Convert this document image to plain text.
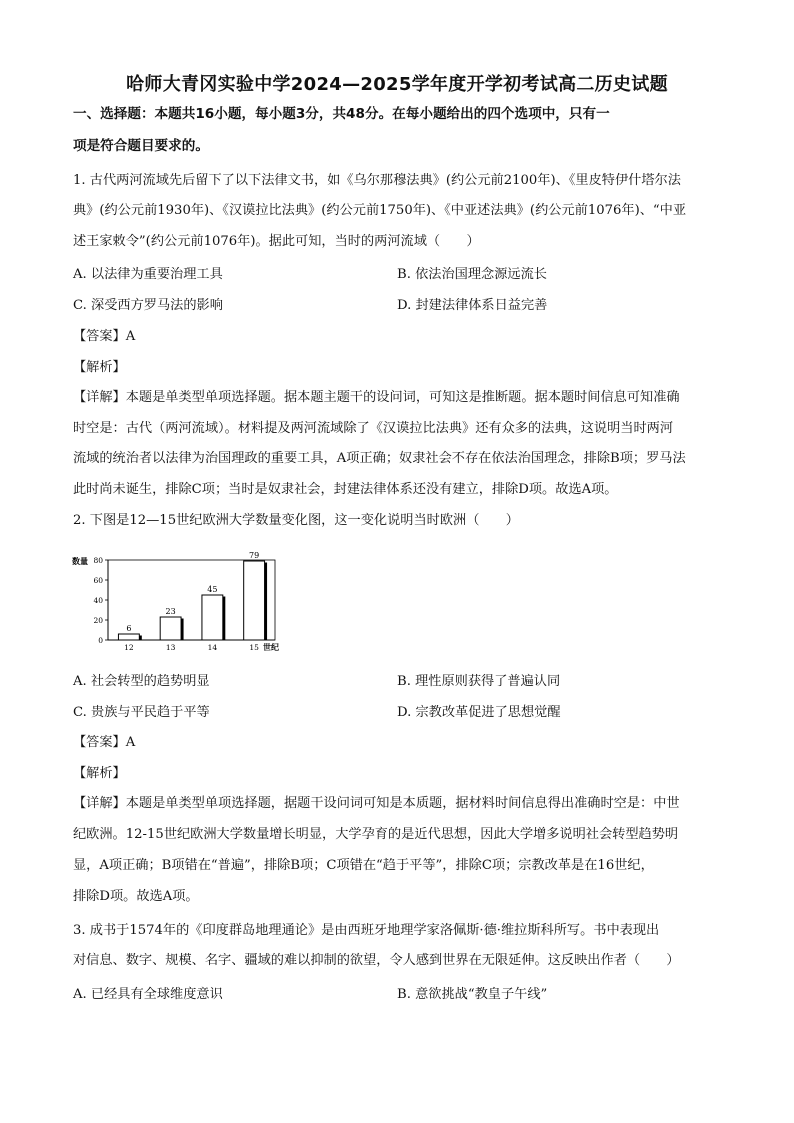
哈师大青冈实验中学2024—2025学年度开学初考试高二历史试题
一、选择题：本题共16小题，每小题3分，共48分。在每小题给出的四个选项中，只有一
项是符合题目要求的。
1. 古代两河流域先后留下了以下法律文书，如《乌尔那穆法典》(约公元前2100年)、《里皮特伊什塔尔法
典》(约公元前1930年)、《汉谟拉比法典》(约公元前1750年)、《中亚述法典》(约公元前1076年)、“中亚
述王家敕令”(约公元前1076年)。据此可知，当时的两河流域（　　）
A. 以法律为重要治理工具	B. 依法治国理念源远流长
C. 深受西方罗马法的影响	D. 封建法律体系日益完善
【答案】A
【解析】
【详解】本题是单类型单项选择题。据本题主题干的设问词，可知这是推断题。据本题时间信息可知准确
时空是：古代（两河流域）。材料提及两河流域除了《汉谟拉比法典》还有众多的法典，这说明当时两河
流域的统治者以法律为治国理政的重要工具，A项正确；奴隶社会不存在依法治国理念，排除B项；罗马法
此时尚未诞生，排除C项；当时是奴隶社会，封建法律体系还没有建立，排除D项。故选A项。
2. 下图是12—15世纪欧洲大学数量变化图，这一变化说明当时欧洲（　　）
数量
0
20
40
60
80
6
23
45
79
12	13	14	15 世纪
A. 社会转型的趋势明显	B. 理性原则获得了普遍认同
C. 贵族与平民趋于平等	D. 宗教改革促进了思想觉醒
【答案】A
【解析】
【详解】本题是单类型单项选择题，据题干设问词可知是本质题，据材料时间信息得出准确时空是：中世
纪欧洲。12-15世纪欧洲大学数量增长明显，大学孕育的是近代思想，因此大学增多说明社会转型趋势明
显，A项正确；B项错在“普遍”，排除B项；C项错在“趋于平等”，排除C项；宗教改革是在16世纪，
排除D项。故选A项。
3. 成书于1574年的《印度群岛地理通论》是由西班牙地理学家洛佩斯·德·维拉斯科所写。书中表现出
对信息、数字、规模、名字、疆域的难以抑制的欲望，令人感到世界在无限延伸。这反映出作者（　　）
A. 已经具有全球维度意识	B. 意欲挑战“教皇子午线”
